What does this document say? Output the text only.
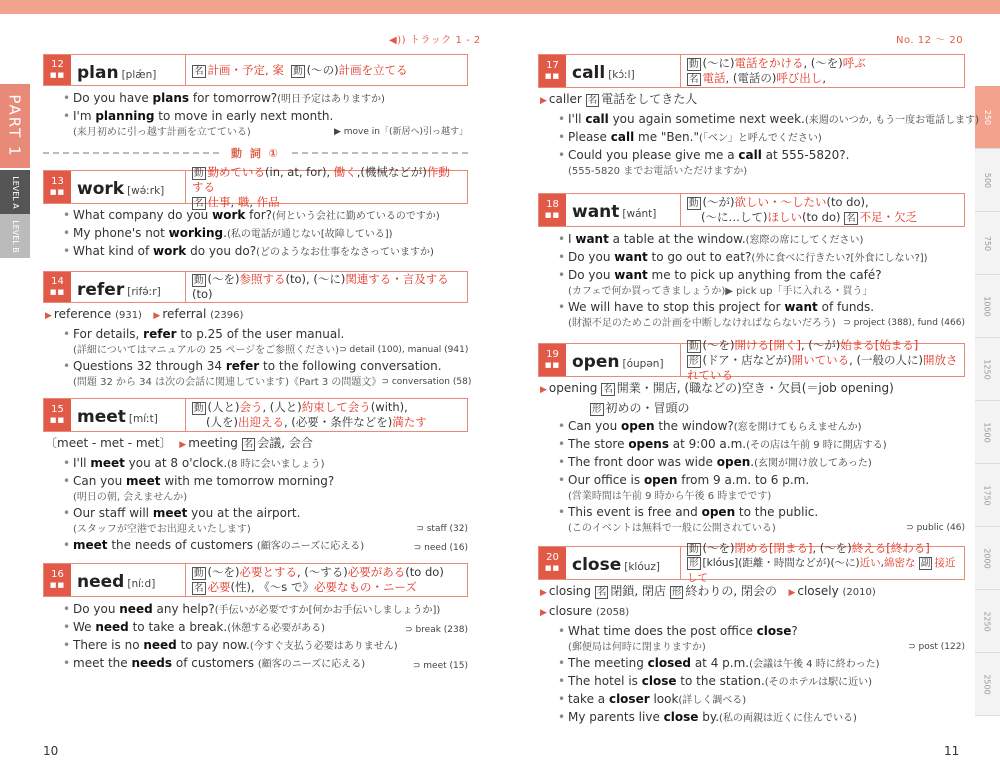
◀)) トラック 1 - 2	No. 12 ～ 20
PART 1
LEVEL A
LEVEL B
250
500
750
1000
1250
1500
1750
2000
2250
2500
12
■■ plan [plǽn]	名 計画・予定, 案 動 (～の)計画を立てる
• Do you have plans for tomorrow?(明日予定はありますか)
• I'm planning to move in early next month.
(来月初めに引っ越す計画を立てている)	▶ move in「(新居へ)引っ越す」
動 詞 ①
13
■■ work [wə́ːrk]
動 勤めている(in, at, for), 働く,(機械などが)作動する
名 仕事, 職, 作品
• What company do you work for?(何という会社に勤めているのですか)
• My phone's not working.(私の電話が通じない[故障している])
• What kind of work do you do?(どのようなお仕事をなさっていますか)
14
■■ refer [rifə́ːr]
動 (～を)参照する(to), (～に)関連する・言及する(to)
▶ reference (931) ▶ referral (2396)
• For details, refer to p.25 of the user manual.
(詳細についてはマニュアルの 25 ページをご参照ください) ⊃ detail (100), manual (941)
• Questions 32 through 34 refer to the following conversation.
(問題 32 から 34 は次の会話に関連しています)《Part 3 の問題文》 ⊃ conversation (58)
15
■■ meet [míːt]
動 (人と)会う, (人と)約束して会う(with),
(人を)出迎える, (必要・条件などを)満たす
〔meet - met - met〕 ▶ meeting 名 会議, 会合
• I'll meet you at 8 o'clock.(8 時に会いましょう)
• Can you meet with me tomorrow morning?
(明日の朝, 会えませんか)
• Our staff will meet you at the airport.
(スタッフが空港でお出迎えいたします)	⊃ staff (32)
• meet the needs of customers (顧客のニーズに応える)	⊃ need (16)
16
■■ need [níːd]
動 (～を)必要とする, (～する)必要がある(to do)
名 必要(性), 《～s で》必要なもの・ニーズ
• Do you need any help?(手伝いが必要ですか[何かお手伝いしましょうか])
• We need to take a break.(休憩する必要がある)	⊃ break (238)
• There is no need to pay now.(今すぐ支払う必要はありません)
• meet the needs of customers (顧客のニーズに応える)	⊃ meet (15)
17
■■ call [kɔ́ːl]
動 (～に)電話をかける, (～を)呼ぶ
名 電話, (電話の)呼び出し,
▶ caller 名 電話をしてきた人
• I'll call you again sometime next week.(来週のいつか, もう一度お電話します)
• Please call me "Ben."(「ベン」と呼んでください)
• Could you please give me a call at 555-5820?.
(555-5820 までお電話いただけますか)
18
■■ want [wánt]
動 (～が)欲しい・～したい(to do),
(～に…して)ほしい(to do) 名 不足・欠乏
• I want a table at the window.(窓際の席にしてください)
• Do you want to go out to eat?(外に食べに行きたい?[外食にしない?])
• Do you want me to pick up anything from the café?
(カフェで何か買ってきましょうか)▶ pick up「手に入れる・買う」
• We will have to stop this project for want of funds.
(財源不足のためこの計画を中断しなければならないだろう) ⊃ project (388), fund (466)
19
■■ open [óupən]
動 (～を)開ける[開く], (～が)始まる[始まる]
形 (ドア・店などが)開いている, (一般の人に)開放されている
▶ opening 名 開業・開店, (職などの)空き・欠員(＝job opening)
形 初めの・冒頭の
• Can you open the window?(窓を開けてもらえませんか)
• The store opens at 9:00 a.m.(その店は午前 9 時に開店する)
• The front door was wide open.(玄関が開け放してあった)
• Our office is open from 9 a.m. to 6 p.m.
(営業時間は午前 9 時から午後 6 時までです)
• This event is free and open to the public.
(このイベントは無料で一般に公開されている)	⊃ public (46)
20
■■ close [klóuz]
動 (～を)閉める[閉まる], (～を)終える[終わる]
形 [klóus](距離・時間などが)(～に)近い,綿密な 副 接近して
▶ closing 名 閉鎖, 閉店 形 終わりの, 閉会の ▶ closely (2010)
▶ closure (2058)
• What time does the post office close?
(郵便局は何時に閉まりますか)	⊃ post (122)
• The meeting closed at 4 p.m.(会議は午後 4 時に終わった)
• The hotel is close to the station.(そのホテルは駅に近い)
• take a closer look(詳しく調べる)
• My parents live close by.(私の両親は近くに住んでいる)
10	11
